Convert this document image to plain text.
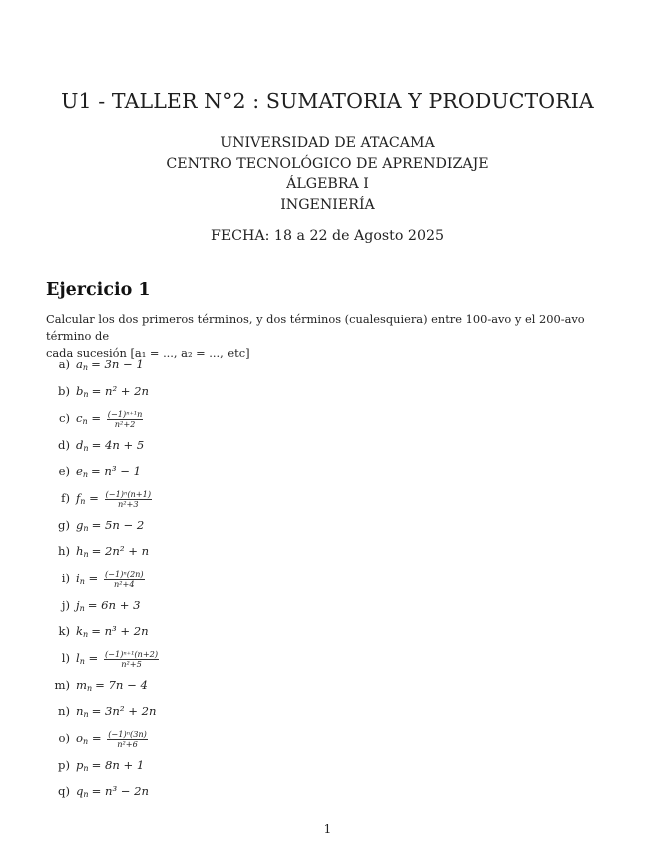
U1 - TALLER N°2 : SUMATORIA Y PRODUCTORIA
UNIVERSIDAD DE ATACAMA
CENTRO TECNOLÓGICO DE APRENDIZAJE
ÁLGEBRA I
INGENIERÍA
FECHA: 18 a 22 de Agosto 2025
Ejercicio 1
Calcular los dos primeros términos, y dos términos (cualesquiera) entre 100-avo y el 200-avo término de
cada sucesión [a₁ = ..., a₂ = ..., etc]
a) $a_n = 3n - 1$
b) $b_n = n^2 + 2n$
c) $c_n = \frac{\text{(−1)ⁿ⁺¹n}}{\text{n²+2}}$
d) $d_n = 4n + 5$
e) $e_n = n^3 - 1$
f) $f_n = \frac{\text{(−1)ⁿ(n+1)}}{\text{n²+3}}$
g) $g_n = 5n - 2$
h) $h_n = 2n^2 + n$
i) $i_n = \frac{\text{(−1)ⁿ(2n)}}{\text{n²+4}}$
j) $j_n = 6n + 3$
k) $k_n = n^3 + 2n$
l) $l_n = \frac{\text{(−1)ⁿ⁺¹(n+2)}}{\text{n²+5}}$
m) $m_n = 7n - 4$
n) $n_n = 3n^2 + 2n$
o) $o_n = \frac{\text{(−1)ⁿ(3n)}}{\text{n²+6}}$
p) $p_n = 8n + 1$
q) $q_n = n^3 - 2n$
1
